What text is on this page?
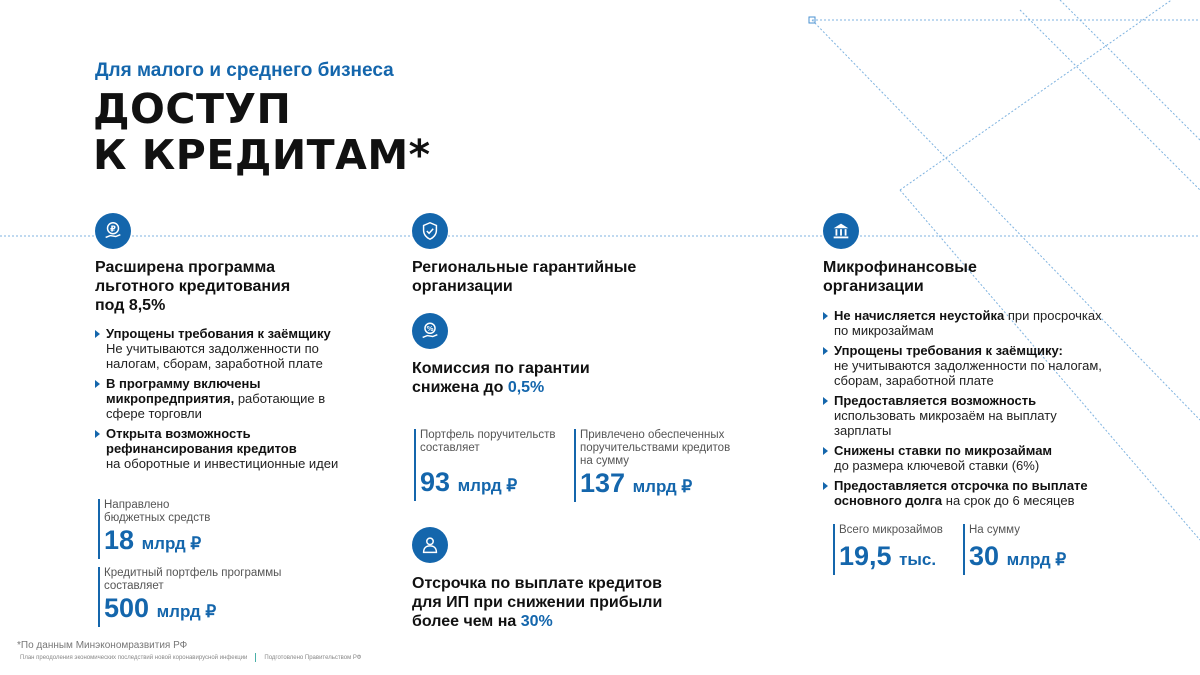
Для малого и среднего бизнеса
ДОСТУП
К КРЕДИТАМ*
₽
Расширена программа
льготного кредитования
под 8,5%
Упрощены требования к заёмщику
Не учитываются задолженности по налогам, сборам, заработной плате
В программу включены микропредприятия, работающие в сфере торговли
Открыта возможность рефинансирования кредитов
на оборотные и инвестиционные идеи
Направлено
бюджетных средств
18 млрд ₽
Кредитный портфель программы
составляет
500 млрд ₽
Региональные гарантийные
организации
%
Комиссия по гарантии
снижена до 0,5%
Портфель поручительств
составляет
93 млрд ₽
Привлечено обеспеченных
поручительствами кредитов
на сумму
137 млрд ₽
Отсрочка по выплате кредитов
для ИП при снижении прибыли
более чем на 30%
Микрофинансовые
организации
Не начисляется неустойка при просрочках по микрозаймам
Упрощены требования к заёмщику:
не учитываются задолженности по налогам, сборам, заработной плате
Предоставляется возможность
использовать микрозаём на выплату зарплаты
Снижены ставки по микрозаймам
до размера ключевой ставки (6%)
Предоставляется отсрочка по выплате основного долга на срок до 6 месяцев
Всего микрозаймов
19,5 тыс.
На сумму
30 млрд ₽
*По данным Минэкономразвития РФ
План преодоления экономических последствий новой коронавирусной инфекции	Подготовлено Правительством РФ
